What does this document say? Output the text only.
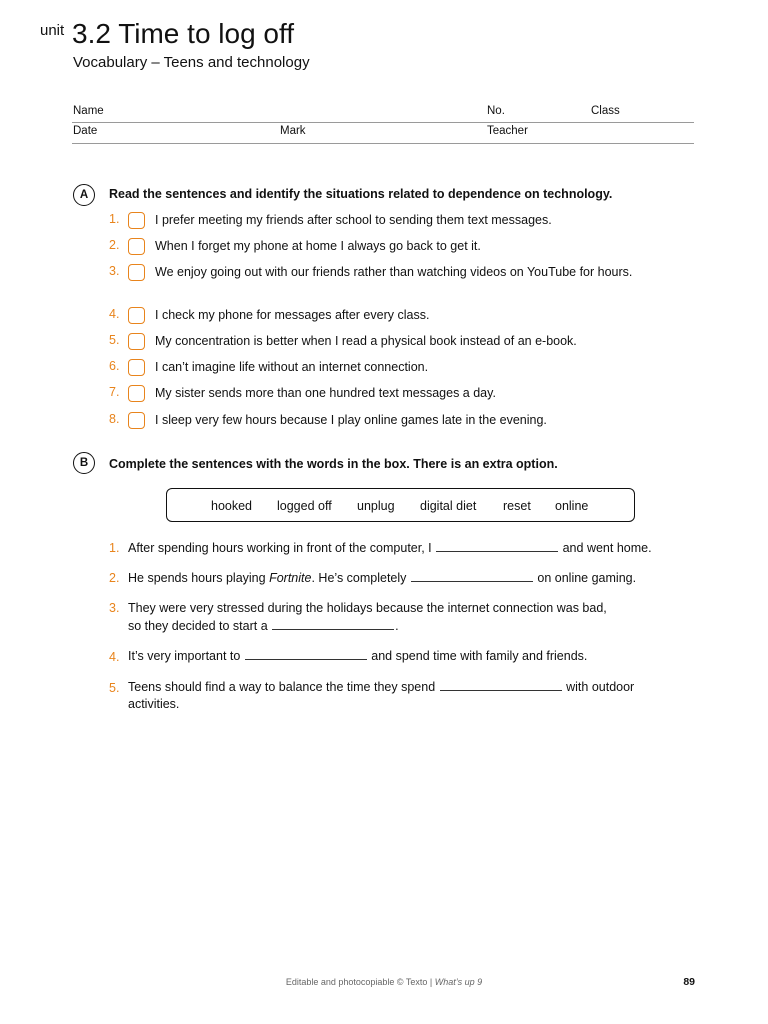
unit 3.2 Time to log off
Vocabulary – Teens and technology
Name	No.	Class
Date	Mark	Teacher
A	Read the sentences and identify the situations related to dependence on technology.
1.	I prefer meeting my friends after school to sending them text messages.
2.	When I forget my phone at home I always go back to get it.
3.	We enjoy going out with our friends rather than watching videos on YouTube for hours.
4.	I check my phone for messages after every class.
5.	My concentration is better when I read a physical book instead of an e-book.
6.	I can’t imagine life without an internet connection.
7.	My sister sends more than one hundred text messages a day.
8.	I sleep very few hours because I play online games late in the evening.
B	Complete the sentences with the words in the box. There is an extra option.
hooked logged off unplug digital diet reset online
1. After spending hours working in front of the computer, I	and went home.
2. He spends hours playing Fortnite. He’s completely	on online gaming.
3. They were very stressed during the holidays because the internet connection was bad,
so they decided to start a	.
4. It’s very important to	and spend time with family and friends.
5. Teens should find a way to balance the time they spend	with outdoor
activities.
Editable and photocopiable © Texto | What’s up 9	89
